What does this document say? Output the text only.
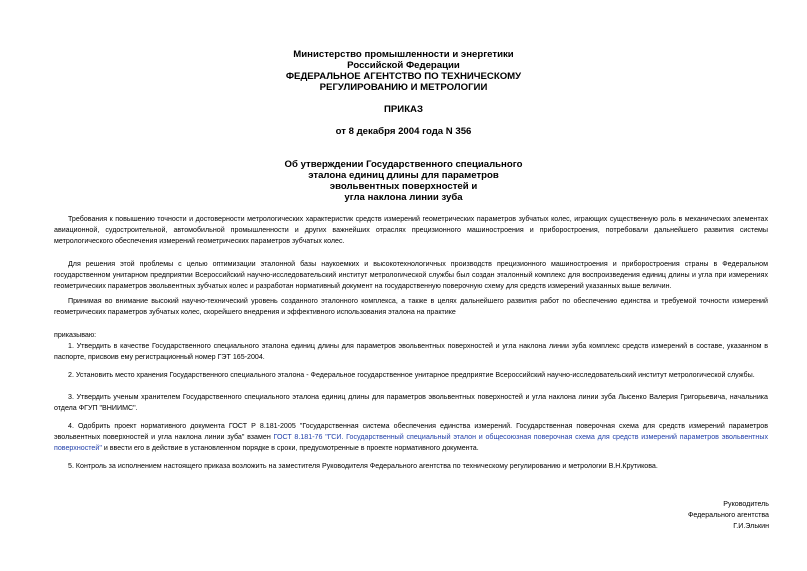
Министерство промышленности и энергетики
Российской Федерации
ФЕДЕРАЛЬНОЕ АГЕНТСТВО ПО ТЕХНИЧЕСКОМУ
РЕГУЛИРОВАНИЮ И МЕТРОЛОГИИ
ПРИКАЗ
от 8 декабря 2004 года N 356
Об утверждении Государственного специального
эталона единиц длины для параметров
эвольвентных поверхностей и
угла наклона линии зуба

Требования к повышению точности и достоверности метрологических характеристик средств измерений геометрических параметров зубчатых колес, играющих существенную роль в механических элементах авиационной, судостроительной, автомобильной промышленности и других важнейших отраслях прецизионного машиностроения и приборостроения, потребовали дальнейшего развития системы метрологического обеспечения измерений геометрических параметров зубчатых колес.

Для решения этой проблемы с целью оптимизации эталонной базы наукоемких и высокотехнологичных производств прецизионного машиностроения и приборостроения страны в Федеральном государственном унитарном предприятии Всероссийский научно-исследовательский институт метрологической службы был создан эталонный комплекс для воспроизведения единиц длины и угла при измерениях геометрических параметров эвольвентных зубчатых колес и разработан нормативный документ на государственную поверочную схему для средств измерений указанных выше величин.

Принимая во внимание высокий научно-технический уровень созданного эталонного комплекса, а также в целях дальнейшего развития работ по обеспечению единства и требуемой точности измерений геометрических параметров зубчатых колес, скорейшего внедрения и эффективного использования эталона на практике

приказываю:

1. Утвердить в качестве Государственного специального эталона единиц длины для параметров эвольвентных поверхностей и угла наклона линии зуба комплекс средств измерений в составе, указанном в паспорте, присвоив ему регистрационный номер ГЭТ 165-2004.

2. Установить место хранения Государственного специального эталона - Федеральное государственное унитарное предприятие Всероссийский научно-исследовательский институт метрологической службы.

3. Утвердить ученым хранителем Государственного специального эталона единиц длины для параметров эвольвентных поверхностей и угла наклона линии зуба Лысенко Валерия Григорьевича, начальника отдела ФГУП "ВНИИМС".

4. Одобрить проект нормативного документа ГОСТ Р 8.181-2005 "Государственная система обеспечения единства измерений. Государственная поверочная схема для средств измерений параметров эвольвентных поверхностей и угла наклона линии зуба" взамен ГОСТ 8.181-76 "ГСИ. Государственный специальный эталон и общесоюзная поверочная схема для средств измерений параметров эвольвентных поверхностей" и ввести его в действие в установленном порядке в сроки, предусмотренные в проекте нормативного документа.

5. Контроль за исполнением настоящего приказа возложить на заместителя Руководителя Федерального агентства по техническому регулированию и метрологии В.Н.Крутикова.

Руководитель
Федерального агентства
Г.И.Элькин
